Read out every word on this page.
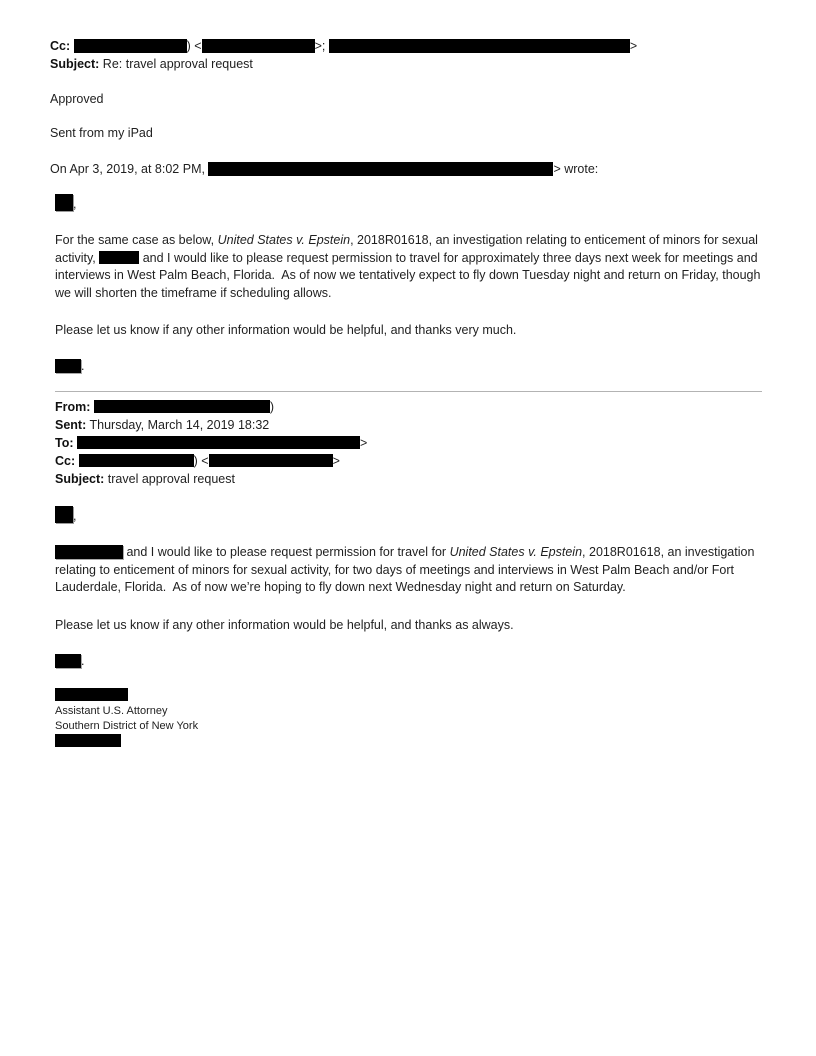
Cc:	) <	>;	>
Subject: Re: travel approval request
Approved
Sent from my iPad
On Apr 3, 2019, at 8:02 PM,	> wrote:
,
For the same case as below, United States v. Epstein, 2018R01618, an investigation relating to enticement of minors for sexual activity,	and I would like to please request permission to travel for approximately three days next week for meetings and interviews in West Palm Beach, Florida.  As of now we tentatively expect to fly down Tuesday night and return on Friday, though we will shorten the timeframe if scheduling allows.
Please let us know if any other information would be helpful, and thanks very much.
.
From:	)
Sent: Thursday, March 14, 2019 18:32
To:	>
Cc:	) <	>
Subject: travel approval request
,
and I would like to please request permission for travel for United States v. Epstein, 2018R01618, an investigation relating to enticement of minors for sexual activity, for two days of meetings and interviews in West Palm Beach and/or Fort Lauderdale, Florida.  As of now we’re hoping to fly down next Wednesday night and return on Saturday.
Please let us know if any other information would be helpful, and thanks as always.
.
Assistant U.S. Attorney
Southern District of New York
